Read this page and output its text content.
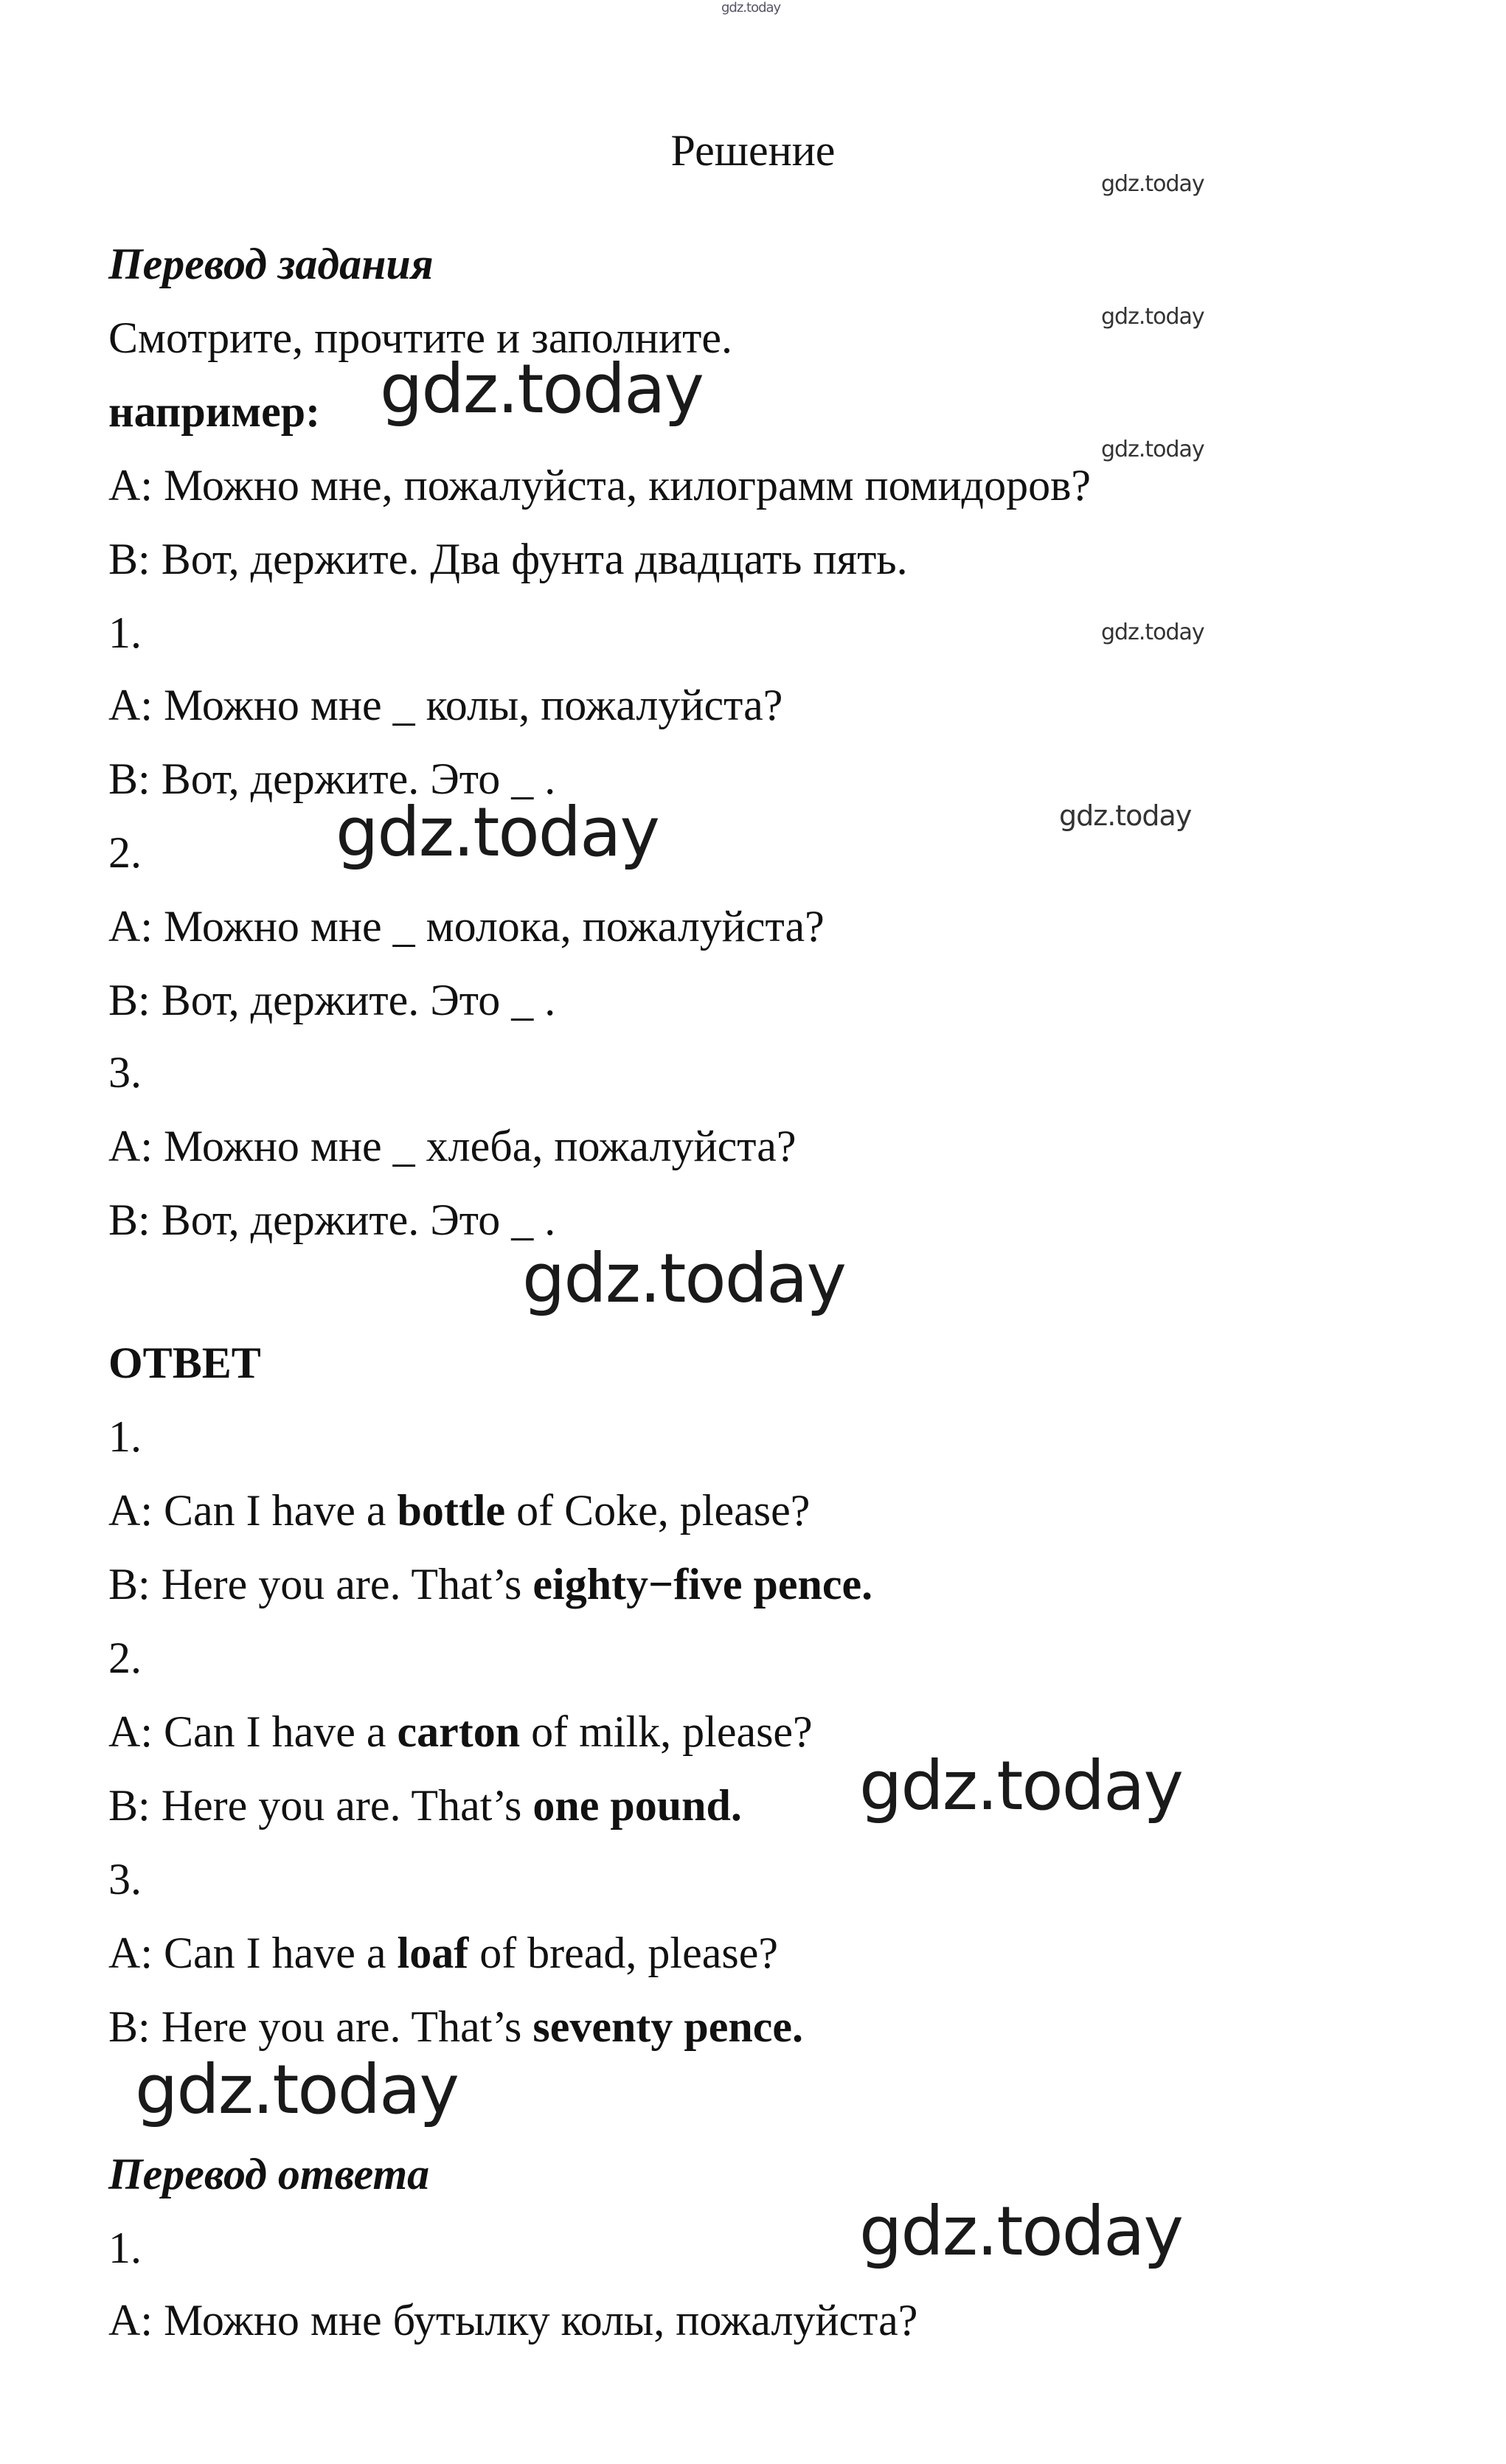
gdz.today
gdz.today
gdz.today
gdz.today
gdz.today
gdz.today
gdz.today
gdz.today
gdz.today
gdz.today
gdz.today
gdz.today
Решение
Перевод задания
Смотрите, прочтите и заполните.
например:
А: Можно мне, пожалуйста, килограмм помидоров?
В: Вот, держите. Два фунта двадцать пять.
1.
А: Можно мне _ колы, пожалуйста?
В: Вот, держите. Это _ .
2.
А: Можно мне _ молока, пожалуйста?
В: Вот, держите. Это _ .
3.
А: Можно мне _ хлеба, пожалуйста?
В: Вот, держите. Это _ .
ОТВЕТ
1.
A: Can I have a bottle of Coke, please?
B: Here you are. That’s eighty−five pence.
2.
A: Can I have a carton of milk, please?
B: Here you are. That’s one pound.
3.
A: Can I have a loaf of bread, please?
B: Here you are. That’s seventy pence.
Перевод ответа
1.
А: Можно мне бутылку колы, пожалуйста?
